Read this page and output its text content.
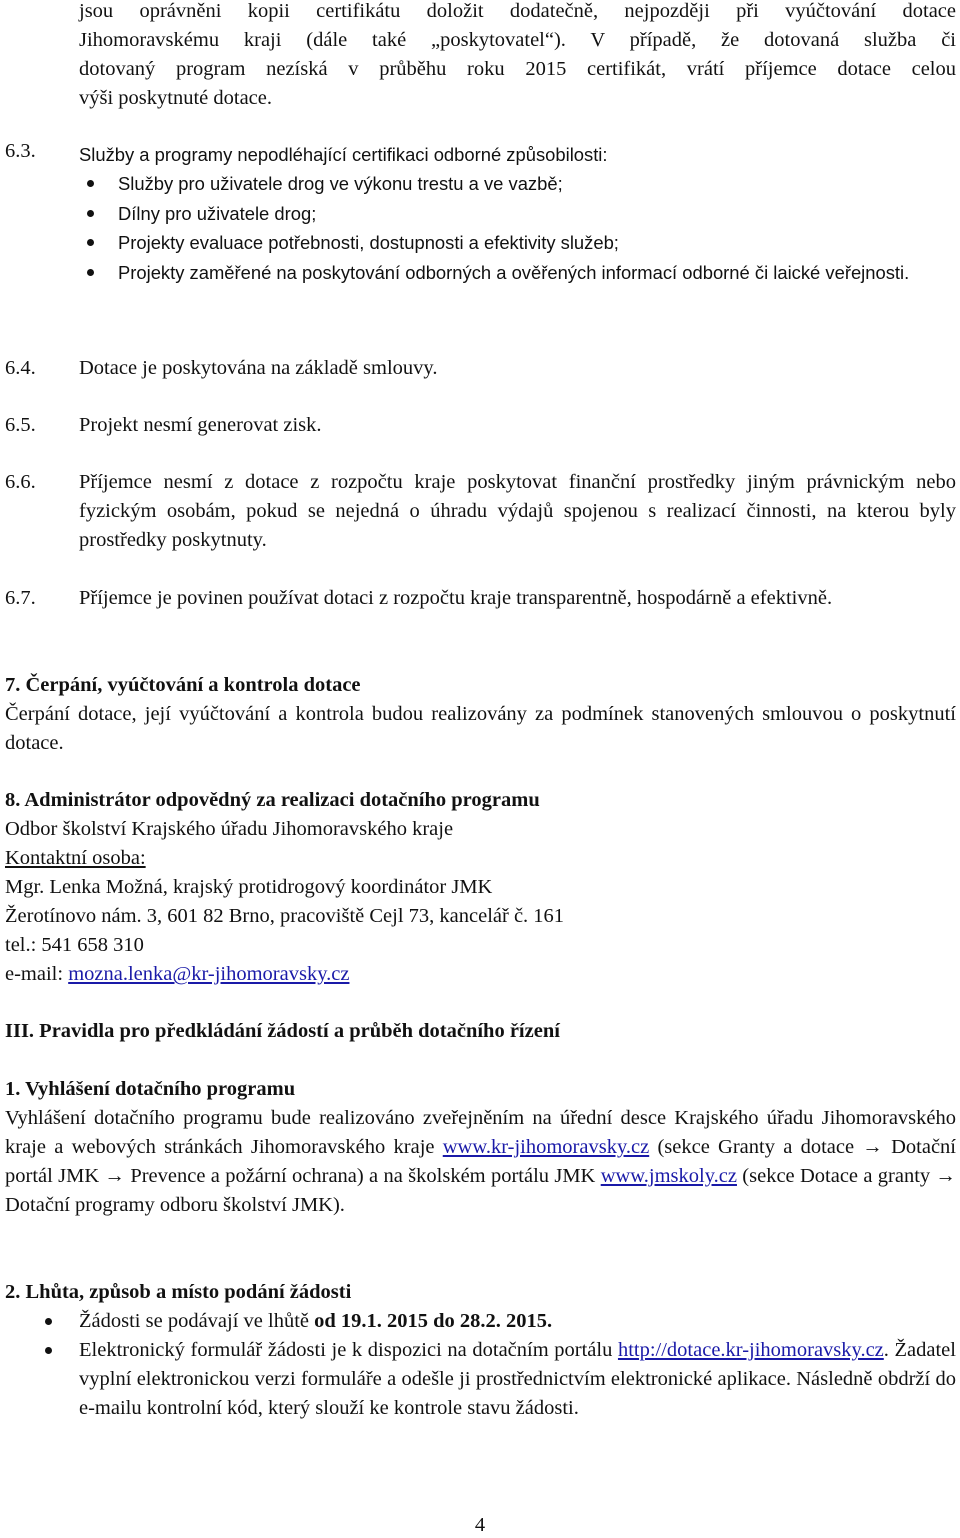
jsou oprávněni kopii certifikátu doložit dodatečně, nejpozději při vyúčtování dotace

Jihomoravskému kraji (dále také „poskytovatel“). V případě, že dotovaná služba či

dotovaný program nezíská v průběhu roku 2015 certifikát, vrátí příjemce dotace celou

výši poskytnuté dotace.

6.3.	Služby a programy nepodléhající certifikaci odborné způsobilosti:
Služby pro uživatele drog ve výkonu trestu a ve vazbě;
Dílny pro uživatele drog;
Projekty evaluace potřebnosti, dostupnosti a efektivity služeb;
Projekty zaměřené na poskytování odborných a ověřených informací odborné či laické veřejnosti.
6.4.	Dotace je poskytována na základě smlouvy.
6.5.	Projekt nesmí generovat zisk.
6.6.	Příjemce nesmí z dotace z rozpočtu kraje poskytovat finanční prostředky jiným právnickým nebo fyzickým osobám, pokud se nejedná o úhradu výdajů spojenou s realizací činnosti, na kterou byly prostředky poskytnuty.
6.7.	Příjemce je povinen používat dotaci z rozpočtu kraje transparentně, hospodárně a efektivně.

7. Čerpání, vyúčtování a kontrola dotace

Čerpání dotace, její vyúčtování a kontrola budou realizovány za podmínek stanovených smlouvou o poskytnutí dotace.

8. Administrátor odpovědný za realizaci dotačního programu

Odbor školství Krajského úřadu Jihomoravského kraje

Kontaktní osoba:

Mgr. Lenka Možná, krajský protidrogový koordinátor JMK

Žerotínovo nám. 3, 601 82 Brno, pracoviště Cejl 73, kancelář č. 161

tel.: 541 658 310

e-mail: mozna.lenka@kr-jihomoravsky.cz

III. Pravidla pro předkládání žádostí a průběh dotačního řízení

1. Vyhlášení dotačního programu

Vyhlášení dotačního programu bude realizováno zveřejněním na úřední desce Krajského úřadu Jihomoravského kraje a webových stránkách Jihomoravského kraje www.kr-jihomoravsky.cz (sekce Granty a dotace → Dotační portál JMK → Prevence a požární ochrana) a na školském portálu JMK www.jmskoly.cz (sekce Dotace a granty → Dotační programy odboru školství JMK).

2. Lhůta, způsob a místo podání žádosti

Žádosti se podávají ve lhůtě od 19.1. 2015 do 28.2. 2015.
Elektronický formulář žádosti je k dispozici na dotačním portálu http://dotace.kr-jihomoravsky.cz. Žadatel vyplní elektronickou verzi formuláře a odešle ji prostřednictvím elektronické aplikace. Následně obdrží do e-mailu kontrolní kód, který slouží ke kontrole stavu žádosti.
4
